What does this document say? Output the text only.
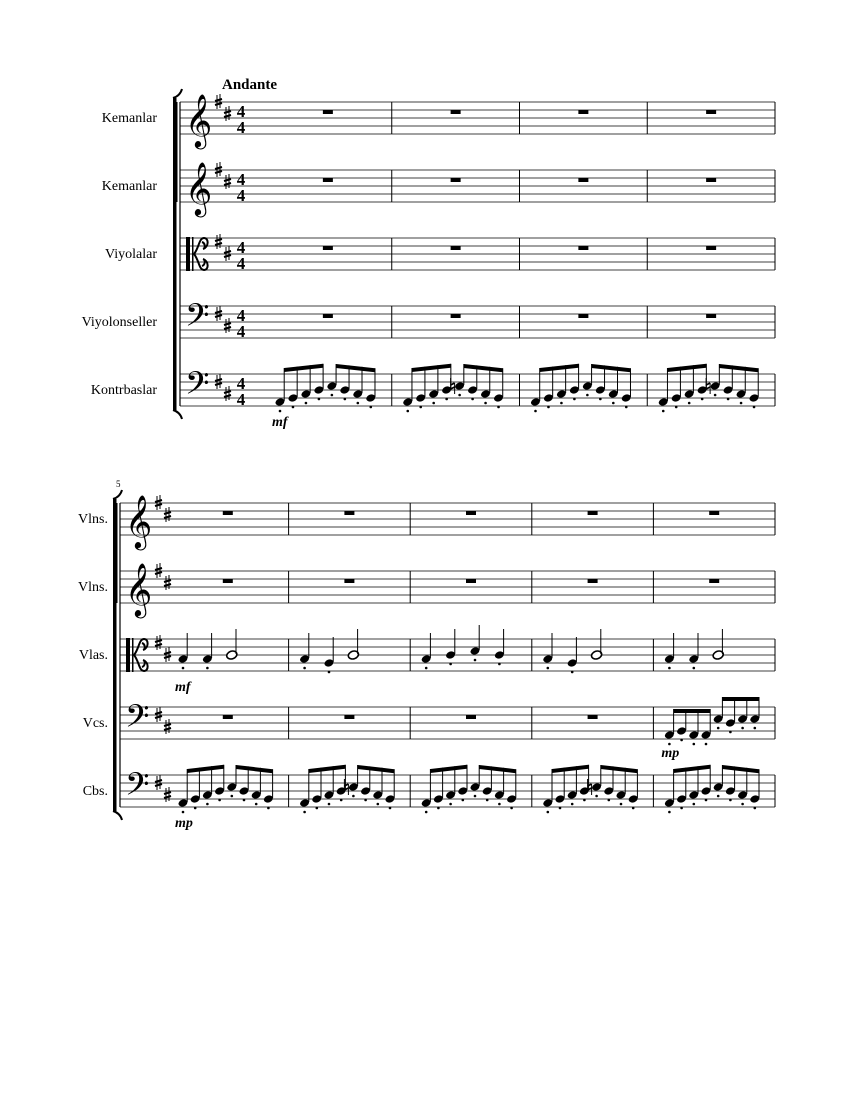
Andante
Kemanlar 𝄞 4
4
Kemanlar 𝄞 4
4
Viyolalar	4
4
Viyolonseller 𝄢 4
4
Kontrbaslar 𝄢 4
4
mf
5
Vlns. 𝄞
Vlns. 𝄞
Vlas.
mf
Vcs. 𝄢
mp
Cbs. 𝄢
mp
